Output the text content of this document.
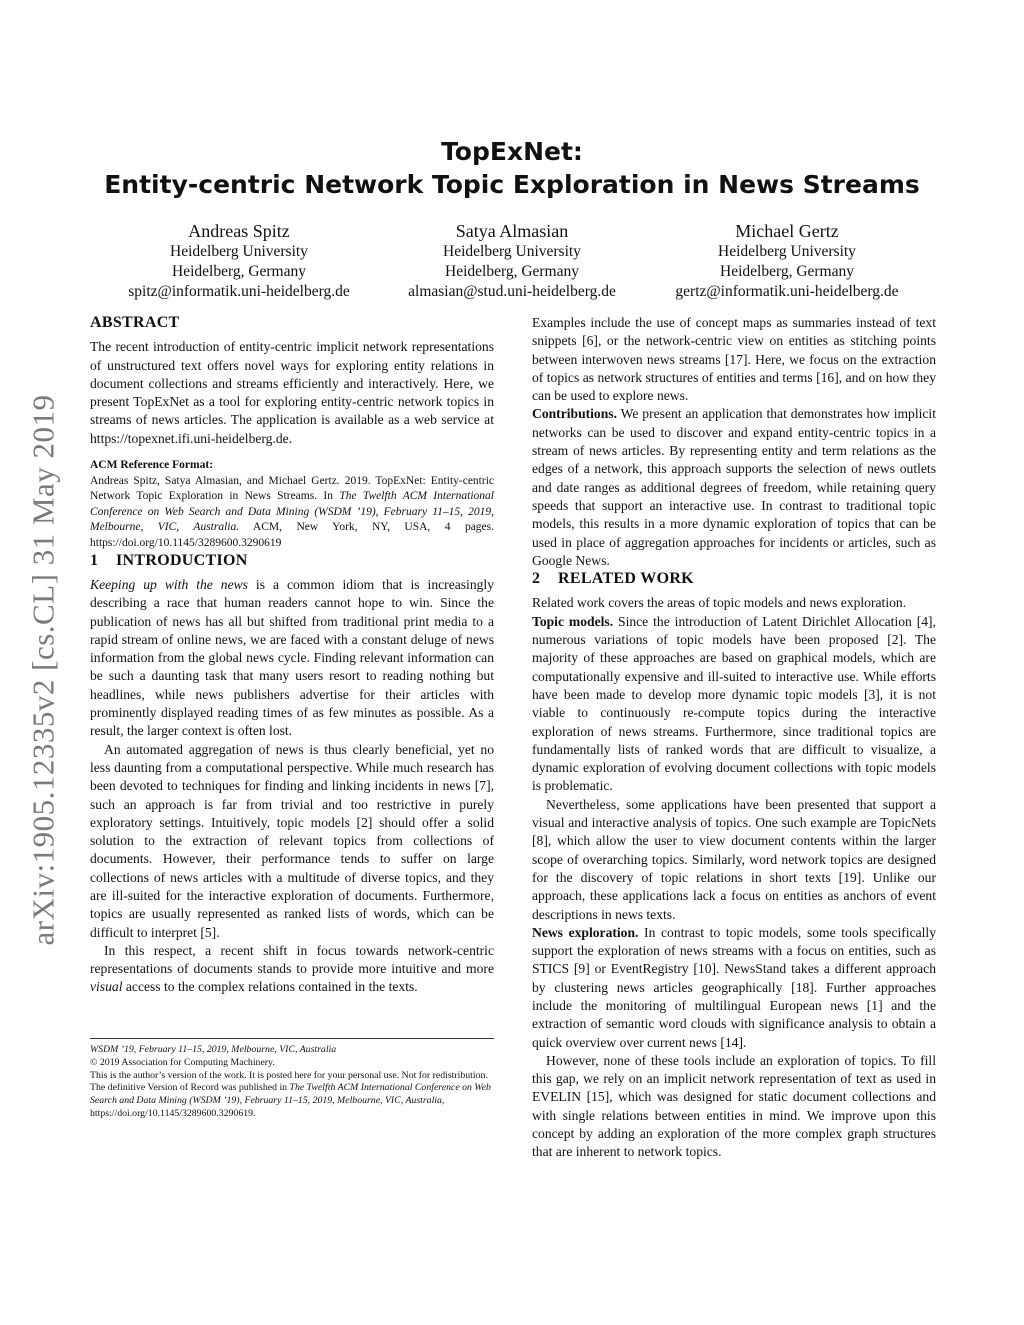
arXiv:1905.12335v2 [cs.CL] 31 May 2019
TopExNet:
Entity-centric Network Topic Exploration in News Streams
Andreas Spitz
Heidelberg University
Heidelberg, Germany
spitz@informatik.uni-heidelberg.de
Satya Almasian
Heidelberg University
Heidelberg, Germany
almasian@stud.uni-heidelberg.de
Michael Gertz
Heidelberg University
Heidelberg, Germany
gertz@informatik.uni-heidelberg.de
ABSTRACT

The recent introduction of entity-centric implicit network representations of unstructured text offers novel ways for exploring entity relations in document collections and streams efficiently and interactively. Here, we present TopExNet as a tool for exploring entity-centric network topics in streams of news articles. The application is available as a web service at https://topexnet.ifi.uni-heidelberg.de.

ACM Reference Format:
Andreas Spitz, Satya Almasian, and Michael Gertz. 2019. TopExNet: Entity-centric Network Topic Exploration in News Streams. In The Twelfth ACM International Conference on Web Search and Data Mining (WSDM ’19), February 11–15, 2019, Melbourne, VIC, Australia. ACM, New York, NY, USA, 4 pages. https://doi.org/10.1145/3289600.3290619
1 INTRODUCTION

Keeping up with the news is a common idiom that is increasingly describing a race that human readers cannot hope to win. Since the publication of news has all but shifted from traditional print media to a rapid stream of online news, we are faced with a constant deluge of news information from the global news cycle. Finding relevant information can be such a daunting task that many users resort to reading nothing but headlines, while news publishers advertise for their articles with prominently displayed reading times of as few minutes as possible. As a result, the larger context is often lost.

An automated aggregation of news is thus clearly beneficial, yet no less daunting from a computational perspective. While much research has been devoted to techniques for finding and linking incidents in news [7], such an approach is far from trivial and too restrictive in purely exploratory settings. Intuitively, topic models [2] should offer a solid solution to the extraction of relevant topics from collections of documents. However, their performance tends to suffer on large collections of news articles with a multitude of diverse topics, and they are ill-suited for the interactive exploration of documents. Furthermore, topics are usually represented as ranked lists of words, which can be difficult to interpret [5].

In this respect, a recent shift in focus towards network-centric representations of documents stands to provide more intuitive and more visual access to the complex relations contained in the texts.

WSDM ’19, February 11–15, 2019, Melbourne, VIC, Australia
© 2019 Association for Computing Machinery.
This is the author’s version of the work. It is posted here for your personal use. Not for redistribution. The definitive Version of Record was published in The Twelfth ACM International Conference on Web Search and Data Mining (WSDM ’19), February 11–15, 2019, Melbourne, VIC, Australia, https://doi.org/10.1145/3289600.3290619.

Examples include the use of concept maps as summaries instead of text snippets [6], or the network-centric view on entities as stitching points between interwoven news streams [17]. Here, we focus on the extraction of topics as network structures of entities and terms [16], and on how they can be used to explore news.

Contributions. We present an application that demonstrates how implicit networks can be used to discover and expand entity-centric topics in a stream of news articles. By representing entity and term relations as the edges of a network, this approach supports the selection of news outlets and date ranges as additional degrees of freedom, while retaining query speeds that support an interactive use. In contrast to traditional topic models, this results in a more dynamic exploration of topics that can be used in place of aggregation approaches for incidents or articles, such as Google News.

2 RELATED WORK

Related work covers the areas of topic models and news exploration.

Topic models. Since the introduction of Latent Dirichlet Allocation [4], numerous variations of topic models have been proposed [2]. The majority of these approaches are based on graphical models, which are computationally expensive and ill-suited to interactive use. While efforts have been made to develop more dynamic topic models [3], it is not viable to continuously re-compute topics during the interactive exploration of news streams. Furthermore, since traditional topics are fundamentally lists of ranked words that are difficult to visualize, a dynamic exploration of evolving document collections with topic models is problematic.

Nevertheless, some applications have been presented that support a visual and interactive analysis of topics. One such example are TopicNets [8], which allow the user to view document contents within the larger scope of overarching topics. Similarly, word network topics are designed for the discovery of topic relations in short texts [19]. Unlike our approach, these applications lack a focus on entities as anchors of event descriptions in news texts.

News exploration. In contrast to topic models, some tools specifically support the exploration of news streams with a focus on entities, such as STICS [9] or EventRegistry [10]. NewsStand takes a different approach by clustering news articles geographically [18]. Further approaches include the monitoring of multilingual European news [1] and the extraction of semantic word clouds with significance analysis to obtain a quick overview over current news [14].

However, none of these tools include an exploration of topics. To fill this gap, we rely on an implicit network representation of text as used in EVELIN [15], which was designed for static document collections and with single relations between entities in mind. We improve upon this concept by adding an exploration of the more complex graph structures that are inherent to network topics.
